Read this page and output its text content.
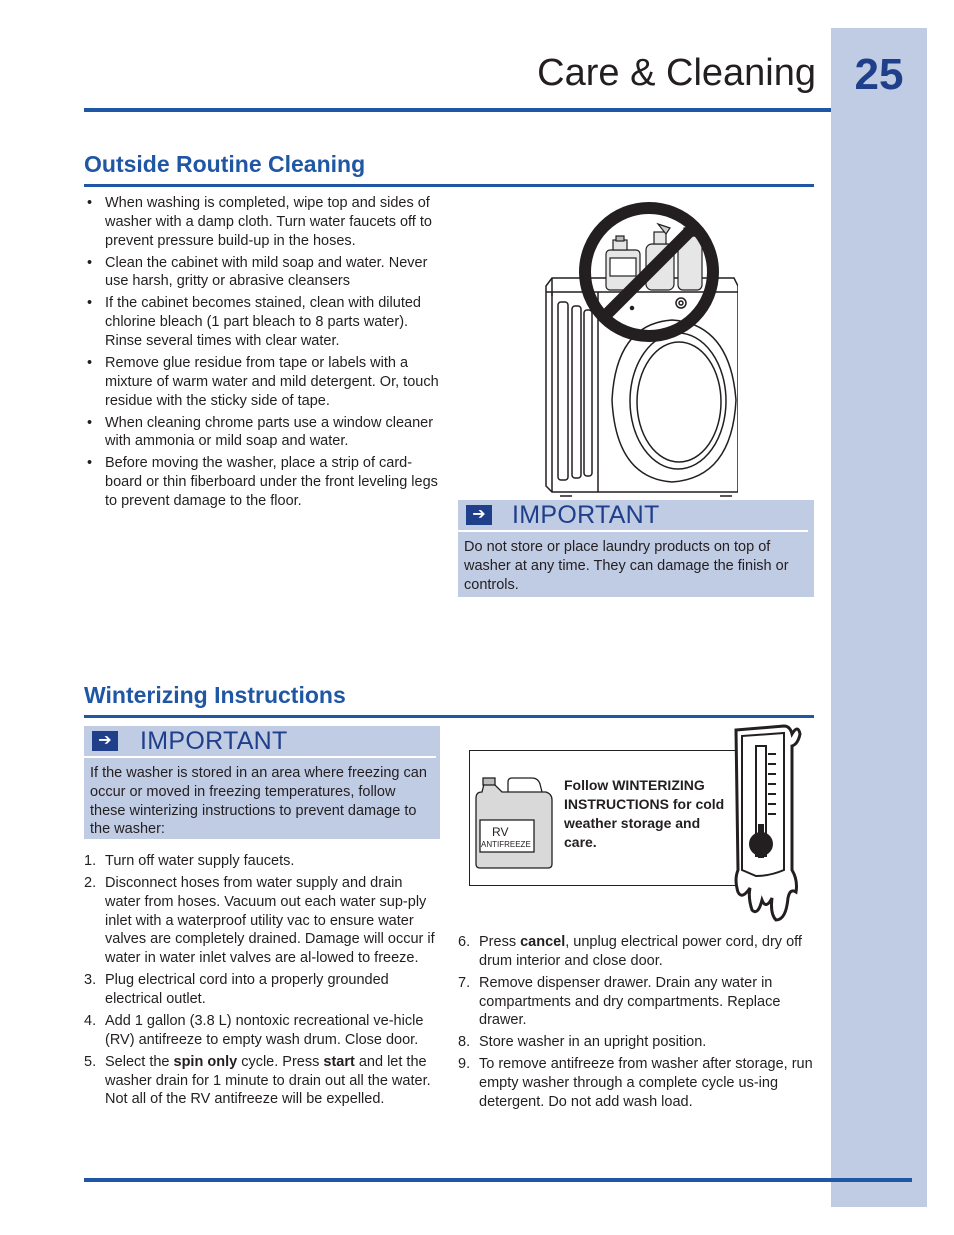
25
Care & Cleaning
Outside Routine Cleaning
• When washing is completed, wipe top and sides of washer with a damp cloth. Turn water faucets off to prevent pressure build-up in the hoses.
• Clean the cabinet with mild soap and water. Never use harsh, gritty or abrasive cleansers
• If the cabinet becomes stained, clean with diluted chlorine bleach (1 part bleach to 8 parts water). Rinse several times with clear water.
• Remove glue residue from tape or labels with a mixture of warm water and mild detergent. Or, touch residue with the sticky side of tape.
• When cleaning chrome parts use a window cleaner with ammonia or mild soap and water.
• Before moving the washer, place a strip of card-board or thin fiberboard under the front leveling legs to prevent damage to the floor.
➔ IMPORTANT
Do not store or place laundry products on top of washer at any time. They can damage the finish or controls.
Winterizing Instructions
➔ IMPORTANT
If the washer is stored in an area where freezing can occur or moved in freezing temperatures, follow these winterizing instructions to prevent damage to the washer:	RV
ANTIFREEZE
Follow WINTERIZING INSTRUCTIONS for cold weather storage and care.
1. Turn off water supply faucets.
2. Disconnect hoses from water supply and drain water from hoses. Vacuum out each water sup-ply inlet with a waterproof utility vac to ensure water valves are completely drained. Damage will occur if water in water inlet valves are al-lowed to freeze.
3. Plug electrical cord into a properly grounded electrical outlet.
4. Add 1 gallon (3.8 L) nontoxic recreational ve-hicle (RV) antifreeze to empty wash drum. Close door.
5. Select the spin only cycle. Press start and let the washer drain for 1 minute to drain out all the water. Not all of the RV antifreeze will be expelled.
6. Press cancel, unplug electrical power cord, dry off drum interior and close door.
7. Remove dispenser drawer. Drain any water in compartments and dry compartments. Replace drawer.
8. Store washer in an upright position.
9. To remove antifreeze from washer after storage, run empty washer through a complete cycle us-ing detergent. Do not add wash load.
